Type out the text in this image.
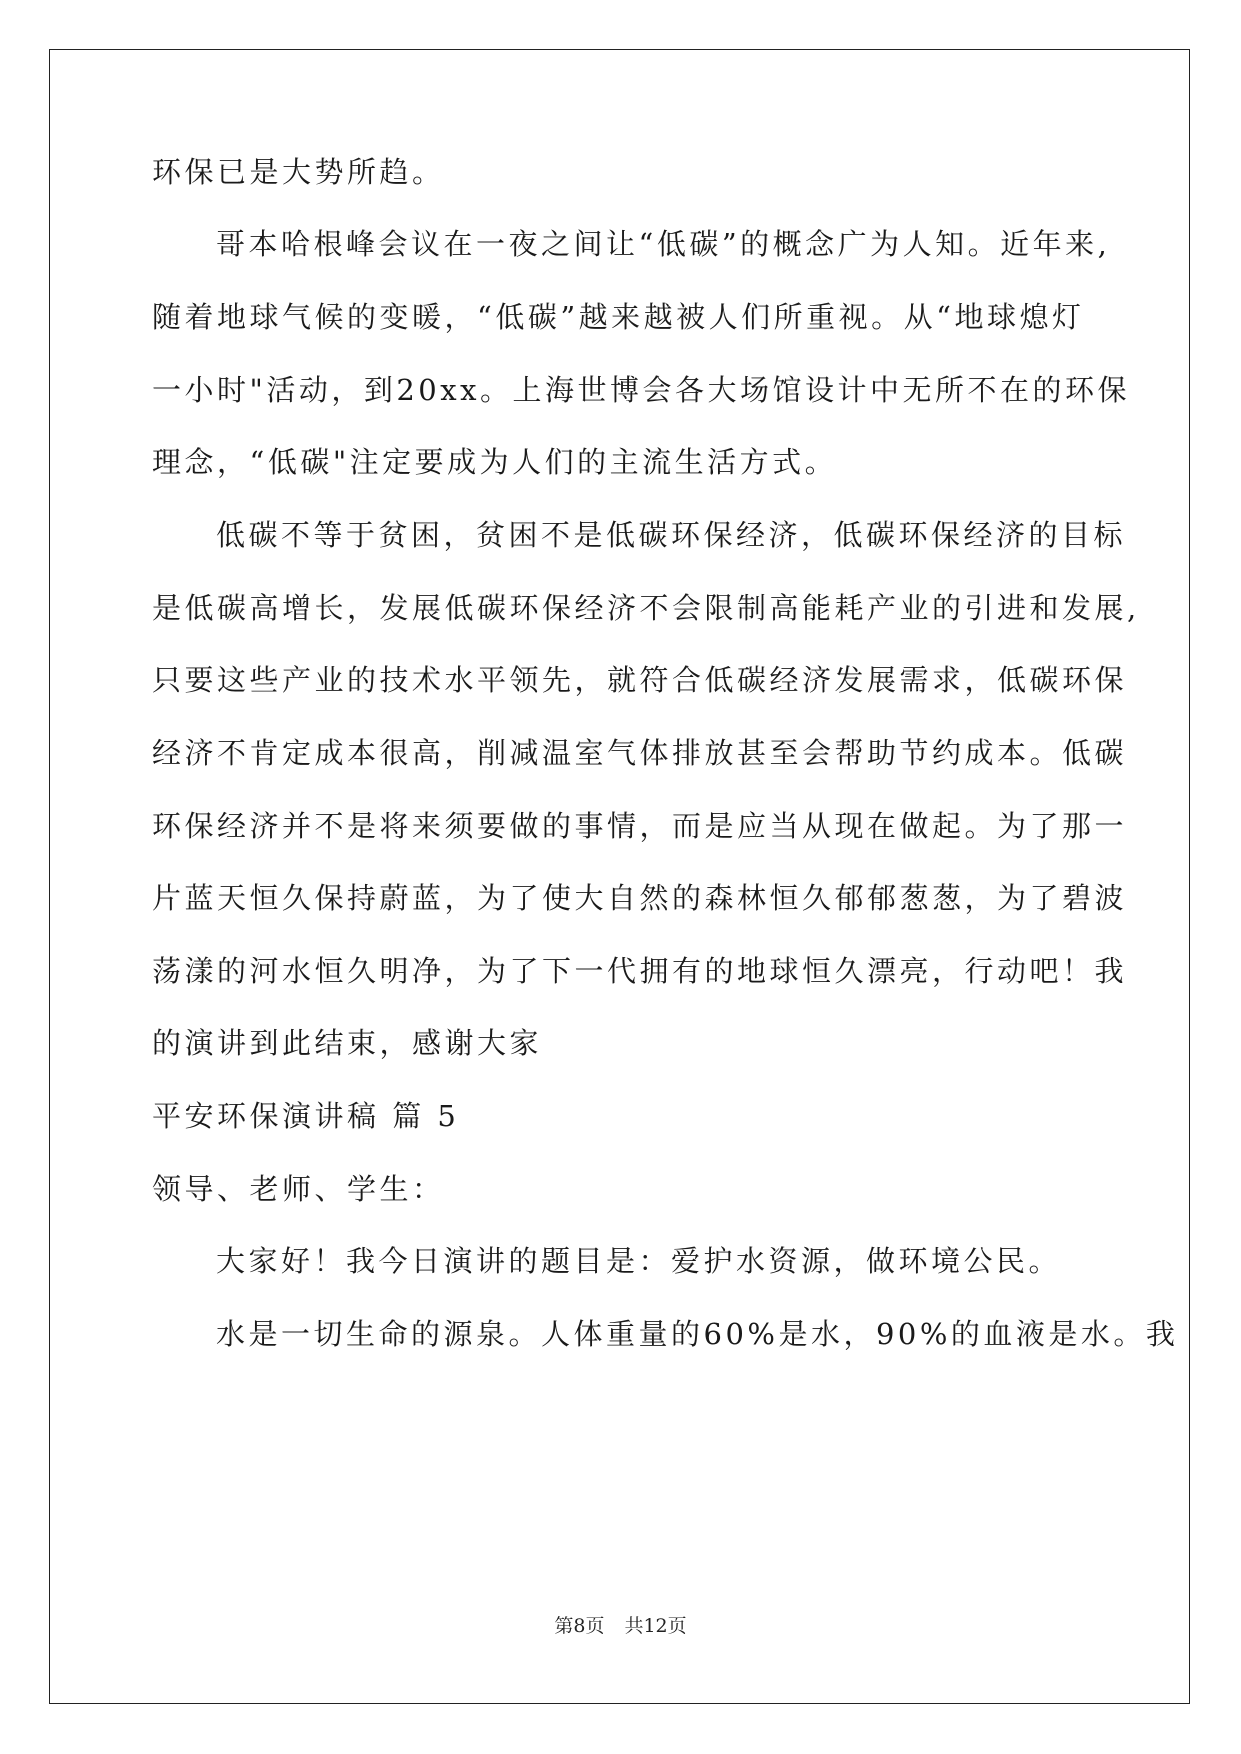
环保已是大势所趋。
哥本哈根峰会议在一夜之间让“低碳”的概念广为人知。近年来,
随着地球气候的变暖，“低碳”越来越被人们所重视。从“地球熄灯
一小时"活动，到20xx。上海世博会各大场馆设计中无所不在的环保
理念，“低碳"注定要成为人们的主流生活方式。
低碳不等于贫困，贫困不是低碳环保经济，低碳环保经济的目标
是低碳高增长，发展低碳环保经济不会限制高能耗产业的引进和发展,
只要这些产业的技术水平领先，就符合低碳经济发展需求，低碳环保
经济不肯定成本很高，削减温室气体排放甚至会帮助节约成本。低碳
环保经济并不是将来须要做的事情，而是应当从现在做起。为了那一
片蓝天恒久保持蔚蓝，为了使大自然的森林恒久郁郁葱葱，为了碧波
荡漾的河水恒久明净，为了下一代拥有的地球恒久漂亮，行动吧！我
的演讲到此结束，感谢大家
平安环保演讲稿 篇 5
领导、老师、学生：
大家好！我今日演讲的题目是：爱护水资源，做环境公民。
水是一切生命的源泉。人体重量的60%是水，90%的血液是水。我
第8页 共12页
